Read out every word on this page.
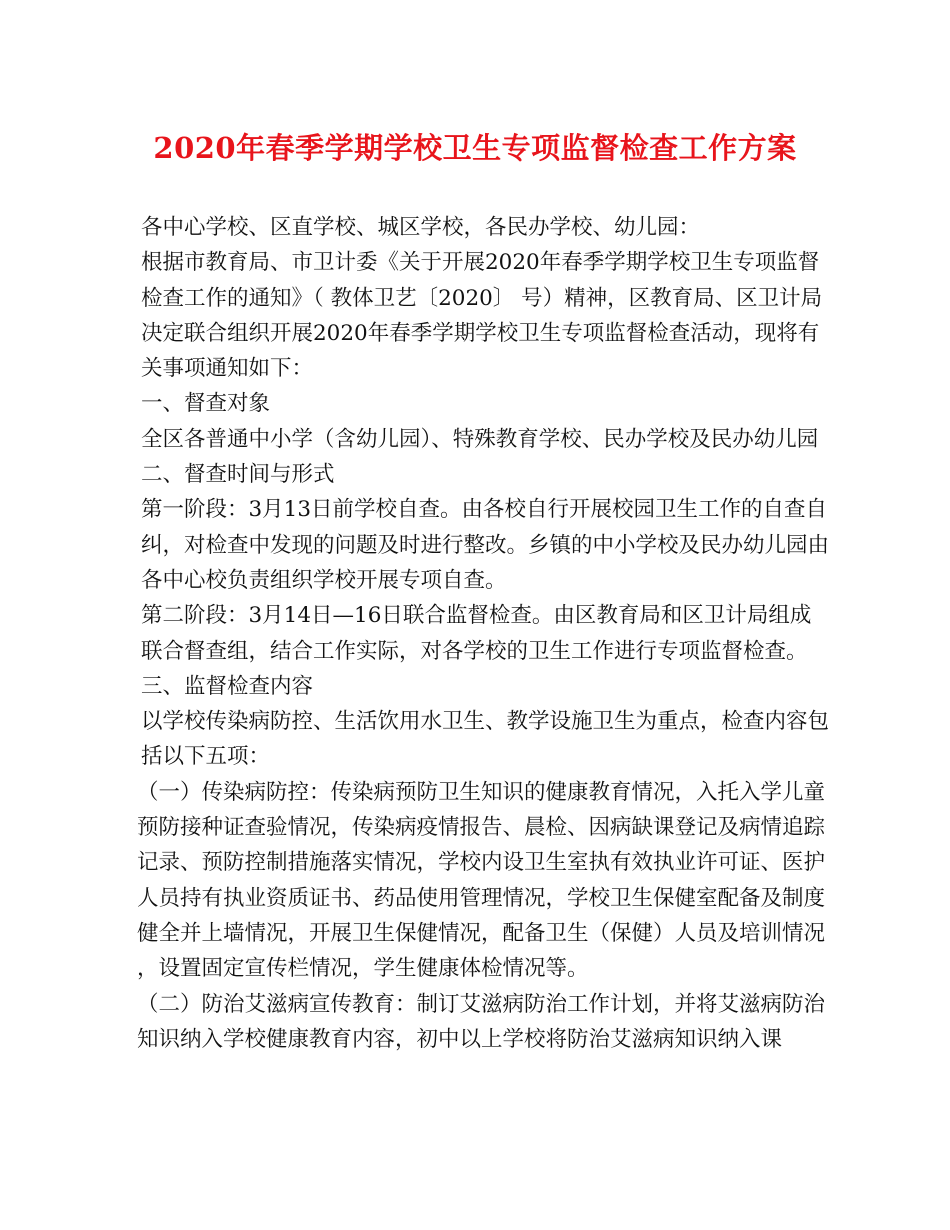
2020年春季学期学校卫生专项监督检查工作方案

各中心学校、区直学校、城区学校，各民办学校、幼儿园：

根据市教育局、市卫计委《关于开展2020年春季学期学校卫生专项监督检查工作的通知》（ 教体卫艺〔2020〕 号）精神，区教育局、区卫计局决定联合组织开展2020年春季学期学校卫生专项监督检查活动，现将有关事项通知如下：

一、督查对象

全区各普通中小学（含幼儿园）、特殊教育学校、民办学校及民办幼儿园

二、督查时间与形式

第一阶段：3月13日前学校自查。由各校自行开展校园卫生工作的自查自纠，对检查中发现的问题及时进行整改。乡镇的中小学校及民办幼儿园由各中心校负责组织学校开展专项自查。

第二阶段：3月14日—16日联合监督检查。由区教育局和区卫计局组成联合督查组，结合工作实际，对各学校的卫生工作进行专项监督检查。

三、监督检查内容

以学校传染病防控、生活饮用水卫生、教学设施卫生为重点，检查内容包括以下五项：

（一）传染病防控：传染病预防卫生知识的健康教育情况，入托入学儿童预防接种证查验情况，传染病疫情报告、晨检、因病缺课登记及病情追踪记录、预防控制措施落实情况，学校内设卫生室执有效执业许可证、医护人员持有执业资质证书、药品使用管理情况，学校卫生保健室配备及制度健全并上墙情况，开展卫生保健情况，配备卫生（保健）人员及培训情况，设置固定宣传栏情况，学生健康体检情况等。

（二）防治艾滋病宣传教育：制订艾滋病防治工作计划，并将艾滋病防治知识纳入学校健康教育内容，初中以上学校将防治艾滋病知识纳入课
